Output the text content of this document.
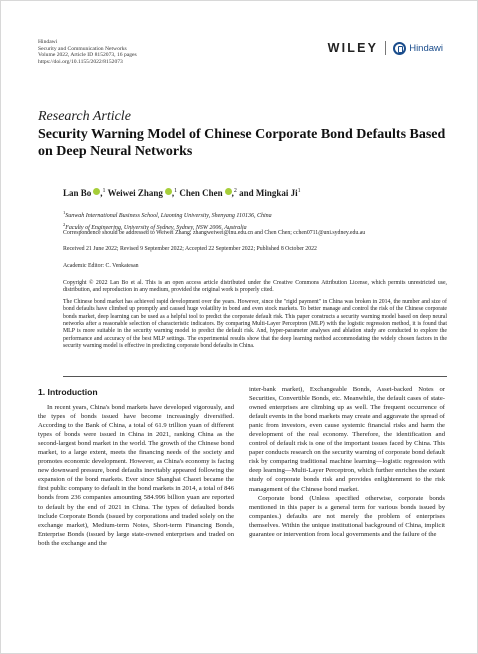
Hindawi
Security and Communication Networks
Volume 2022, Article ID 8152073, 16 pages
https://doi.org/10.1155/2022/8152073
WILEY	Hindawi
Research Article
Security Warning Model of Chinese Corporate Bond Defaults Based on Deep Neural Networks
Lan Bo ,$^1$ Weiwei Zhang ,$^1$ Chen Chen ,$^2$ and Mingkai Ji$^1$
$^1$Sunwah International Business School, Liaoning University, Shenyang 110136, China
$^2$Faculty of Engineering, University of Sydney, Sydney, NSW 2006, Australia
Correspondence should be addressed to Weiwei Zhang; zhangweiwei@lnu.edu.cn and Chen Chen; cchen0711@uni.sydney.edu.au
Received 21 June 2022; Revised 9 September 2022; Accepted 22 September 2022; Published 8 October 2022
Academic Editor: C. Venkatesan
Copyright © 2022 Lan Bo et al. This is an open access article distributed under the Creative Commons Attribution License, which permits unrestricted use, distribution, and reproduction in any medium, provided the original work is properly cited.
The Chinese bond market has achieved rapid development over the years. However, since the "rigid payment" in China was broken in 2014, the number and size of bond defaults have climbed up promptly and caused huge volatility in bond and even stock markets. To better manage and control the risk of the Chinese corporate bonds market, deep learning can be used as a helpful tool to predict the corporate default risk. This paper constructs a security warning model based on deep neural networks after a reasonable selection of characteristic indicators. By comparing Multi-Layer Perceptron (MLP) with the logistic regression method, it is found that MLP is more suitable in the security warning model to predict the default risk. And, hyper-parameter analyses and ablation study are conducted to explore the performance and accuracy of the best MLP settings. The experimental results show that the deep learning method accommodating the widely chosen factors in the security warning model is effective in predicting corporate bond defaults in China.
1. Introduction

In recent years, China's bond markets have developed vigorously, and the types of bonds issued have become increasingly diversified. According to the Bank of China, a total of 61.9 trillion yuan of different types of bonds were issued in China in 2021, ranking China as the second-largest bond market in the world. The growth of the Chinese bond market, to a large extent, meets the financing needs of the society and promotes economic development. However, as China's economy is facing new downward pressure, bond defaults inevitably appeared following the expansion of the bond markets. Ever since Shanghai Chaori became the first public company to default in the bond markets in 2014, a total of 846 bonds from 236 companies amounting 584.996 billion yuan are reported to default by the end of 2021 in China. The types of defaulted bonds include Corporate Bonds (issued by corporations and traded solely on the exchange market), Medium-term Notes, Short-term Financing Bonds, Enterprise Bonds (issued by large state-owned enterprises and traded on both the exchange and the

inter-bank market), Exchangeable Bonds, Asset-backed Notes or Securities, Convertible Bonds, etc. Meanwhile, the default cases of state-owned enterprises are climbing up as well. The frequent occurrence of default events in the bond markets may create and aggravate the spread of panic from investors, even cause systemic financial risks and harm the development of the real economy. Therefore, the identification and control of default risk is one of the important issues faced by China. This paper conducts research on the security warning of corporate bond default risk by comparing traditional machine learning—logistic regression with deep learning—Multi-Layer Perceptron, which further enriches the extant study of corporate bonds risk and provides enlightenment to the risk management of the Chinese bond market.

Corporate bond (Unless specified otherwise, corporate bonds mentioned in this paper is a general term for various bonds issued by companies.) defaults are not merely the problem of enterprises themselves. Within the unique institutional background of China, implicit guarantee or intervention from local governments and the failure of the
